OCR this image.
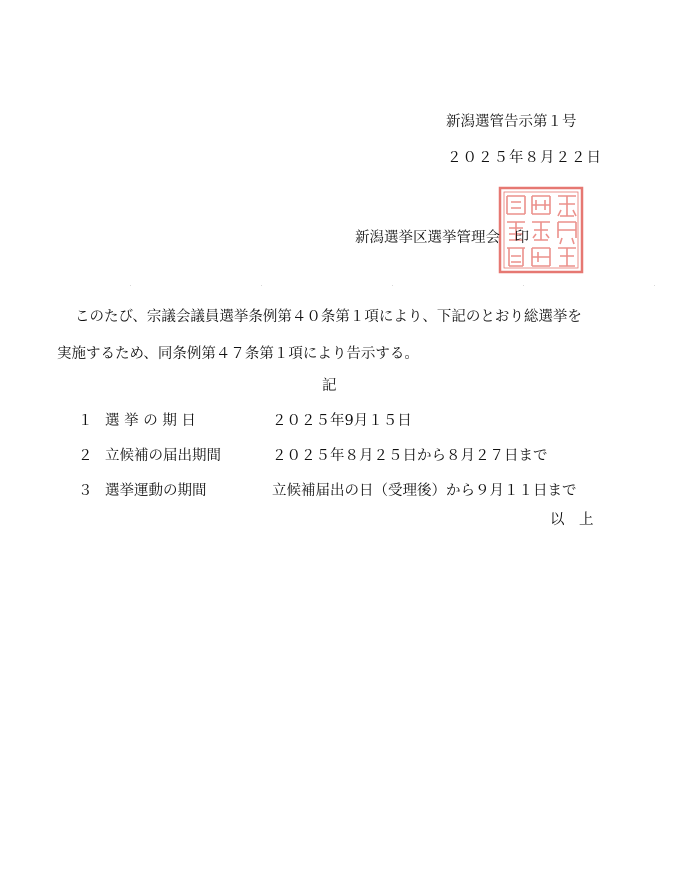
新潟選管告示第１号
２０２５年８月２２日
新潟選挙区選挙管理会　印
このたび、宗議会議員選挙条例第４０条第１項により、下記のとおり総選挙を
実施するため、同条例第４７条第１項により告示する。
記
１ 選 挙 の 期 日	２０２５年9月１５日
２ 立候補の届出期間	２０２５年８月２５日から８月２７日まで
３ 選挙運動の期間	立候補届出の日（受理後）から９月１１日まで
以　上
